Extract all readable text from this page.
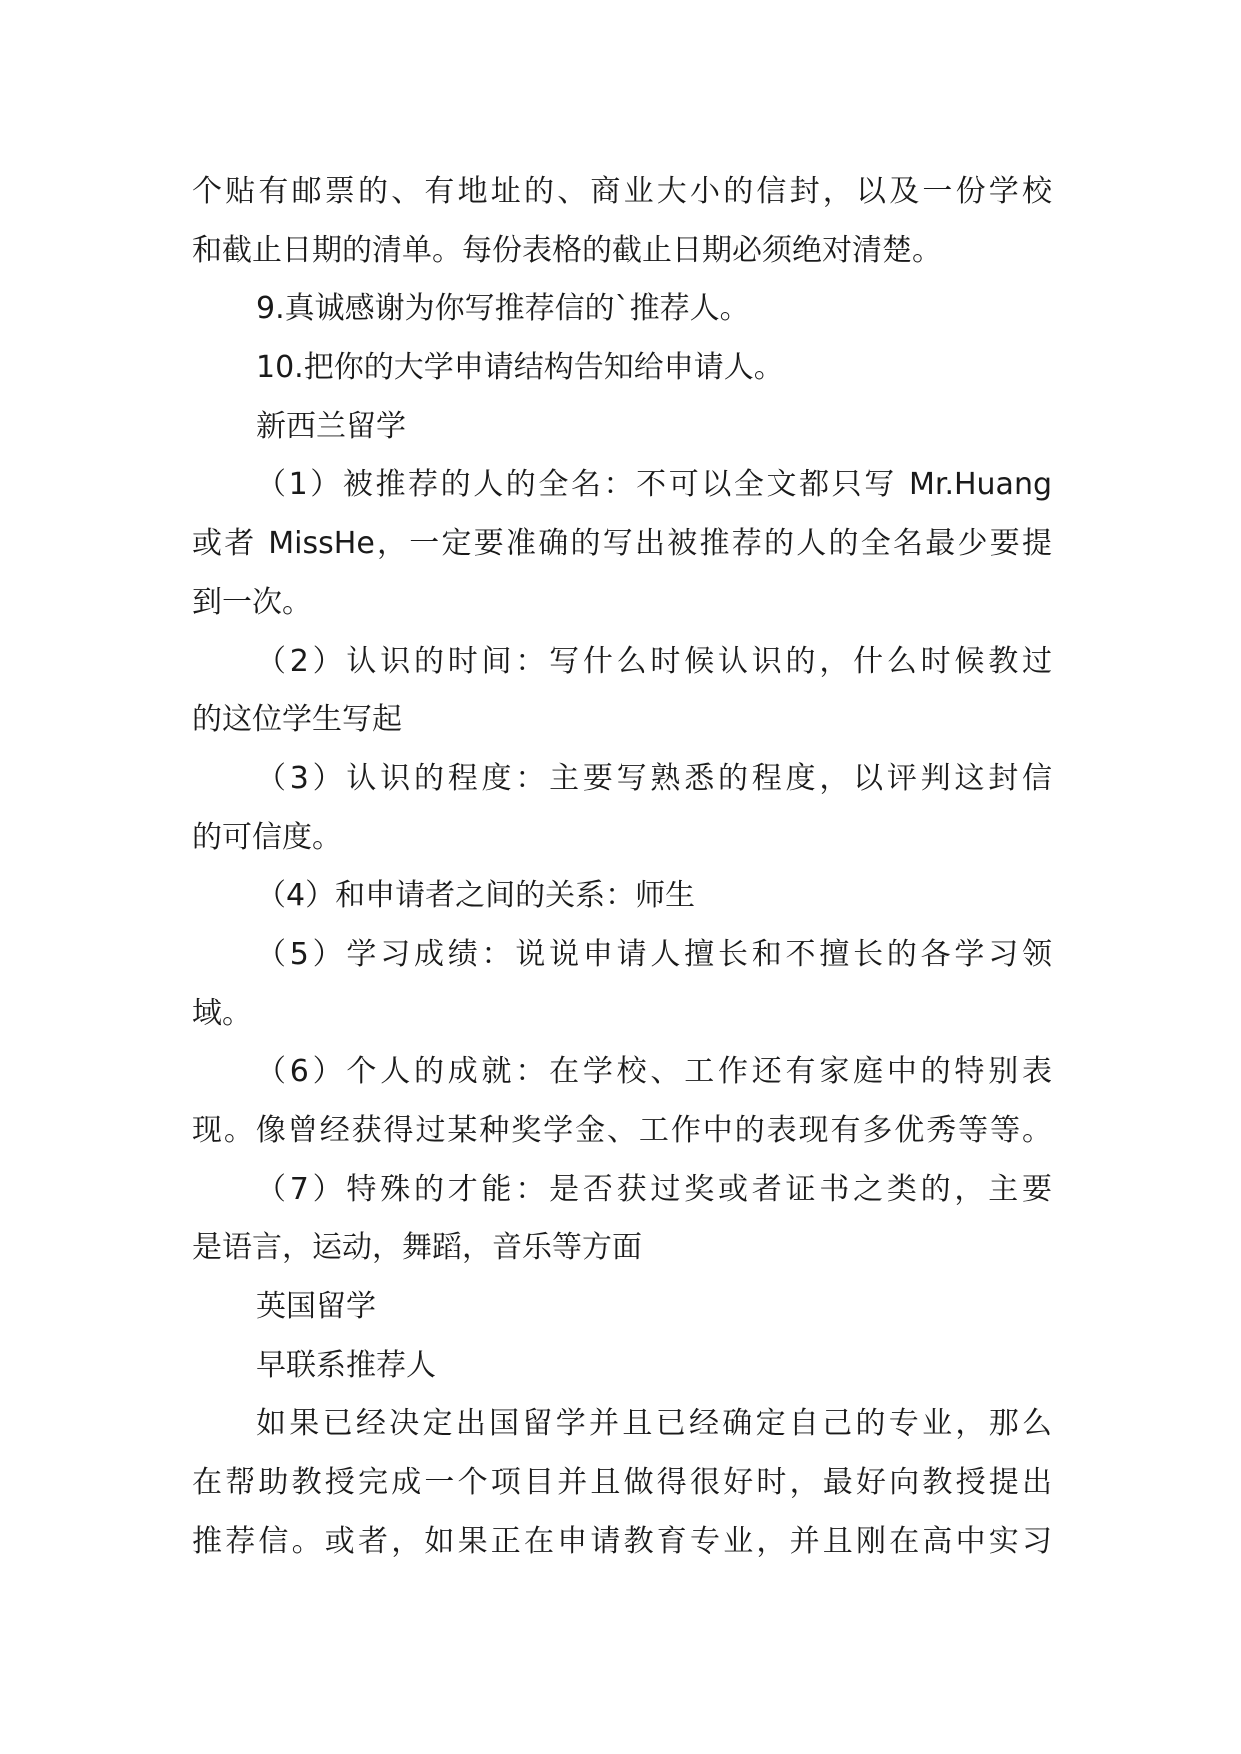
个贴有邮票的、有地址的、商业大小的信封，以及一份学校
和截止日期的清单。每份表格的截止日期必须绝对清楚。
9.真诚感谢为你写推荐信的`推荐人。
10.把你的大学申请结构告知给申请人。
新西兰留学
（1）被推荐的人的全名：不可以全文都只写 Mr.Huang
或者 MissHe，一定要准确的写出被推荐的人的全名最少要提
到一次。
（2）认识的时间：写什么时候认识的，什么时候教过
的这位学生写起
（3）认识的程度：主要写熟悉的程度，以评判这封信
的可信度。
（4）和申请者之间的关系：师生
（5）学习成绩：说说申请人擅长和不擅长的各学习领
域。
（6）个人的成就：在学校、工作还有家庭中的特别表
现。像曾经获得过某种奖学金、工作中的表现有多优秀等等。
（7）特殊的才能：是否获过奖或者证书之类的，主要
是语言，运动，舞蹈，音乐等方面
英国留学
早联系推荐人
如果已经决定出国留学并且已经确定自己的专业，那么
在帮助教授完成一个项目并且做得很好时，最好向教授提出
推荐信。或者，如果正在申请教育专业，并且刚在高中实习
